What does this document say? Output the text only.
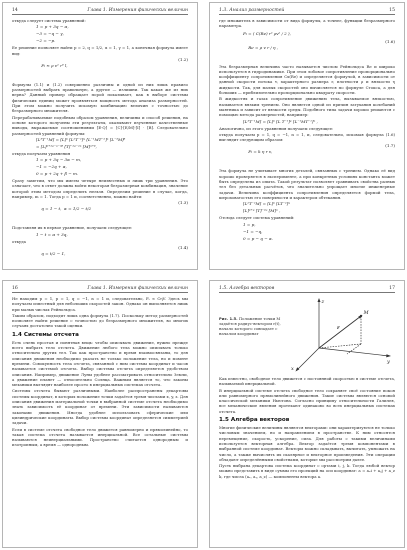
14	Глава 1. Измерения физических величин

откуда следует система уравнений:

1 = p + 3q − α,
−3 = −q − γ,
−2 = −p.

Ее решение позволяет найти p = 2, q = 1/2, α = 1, γ = 1, а конечная формула имеет вид:

Fₜ ≈ ρ v² r⁴ l,

(1.2)

Формулы (1.1) и (1.2) совершенно различны и одной из них лишь правило размерностей выбрать правильную, а другие — излишни. Так какая же из них верна? Данный пример обращает порой показывает, как в выборе системы физических единиц может проявляться мощность метода анализа размерностей. При этом можно получить искомую комбинацию величин с точностью до безразмерного множителя.

Перерабатываемые подобным образом уравнения, величины и способ решения, на основе которого получены эти результаты, оказывают изученные качественные выводы, выражаемые соотношениями [E·Q] = [C]·[E/M]·[I] · [B]. Следовательно размерностей уравнений формулы:

[L³T⁻¹M] = [L]ᵖ [L²T⁻²]ᵠ [L⁻¹MT⁻²]ᵅ [L⁻³M]ᵝ
= [L]ᵖ⁺²ᵠ⁻ᵅ⁻³ᵝ [T]⁻²ᵠ⁻²ᵅ [M]ᵅ⁺ᵝ,

откуда получаем уравнения

1 = p + 3q − 3α − m,
−1 = −2q + α,
0 = p + 2q + β − m.

Сразу заметим, что мы имеем четыре неизвестных и лишь три уравнения. Это означает, что в ответ должна войти некоторая безразмерная комбинация, значение которой этим методом определить нельзя. Определим решение в случае, когда, например, m = 1. Тогда p = 1 и, соответственно, можно найти:

q = 1 − t,  α = 1/2 − t/2

(1.3)

Подставляя их в первое уравнение, получаем следующее:

1 − t = α + 3q,

откуда

q = t/2 − 1,

(1.4)

1.3. Анализ размерностей	15

где множитель в зависимости от вида формулы, а точнее, функции безразмерного параметра.

Fₜ = ( C(Re) r² ρv² / 2 ),

Re = ρ v r / η ,

(1.6)

Эта безразмерная величина часто называется числом Рейнольдса Re и широко используется в гидродинамике. При этом лобовое сопротивление пропорционально коэффициенту сопротивления Cx(Re) и определяется формулой, в зависимости от данной скорости потока v, характерного размера r, плотности ρ и вязкости η жидкости. Так, для малых скоростей оно вычисляется по формуле Стокса, а для больших — приблизительно пропорционально квадрату скорости.

В жидкостях и газах сопротивление движению тела, вызываемое вязкостью, называется вязким трением. Оно является одной из причин затухания колебаний маятника и зависит от вязкости среды. Подобного типа задачи хорошо решаются с помощью метода размерностей, например:

[L³T⁻¹M] = [L]ᵖ [L T⁻¹]ᵠ [L⁻¹MT⁻¹]ᵅ ,

Аналогично, из этого уравнения получаем следующее:

откуда получаем p = 1, q = −1, α = 1, и, следовательно, искомая формула (1.6) выглядит следующим образом:

Fₜ = k η r v,

(1.7)

Эта формула не учитывает многих деталей, связанных с трением. Однако её вид хорошо проверяется в эксперименте, а при конкретных условиях константа может быть определена из опыта. Такой результат позволяет сравнивать свойства разных тел без детальных расчётов, что значительно упрощает многие инженерные задачи. Величина коэффициента сопротивления определяется формой тела, шероховатостью его поверхности и характером обтекания.

[L²T⁻²M] = [L]ᵖ [LT⁻²]ᵠ
[L]ᵖ⁺ᵠ [T]⁻²ᵠ [M]ᵅ ,

Отсюда следует система уравнений:

1 = p,
−1 = −q,
0 = p − q − α.
16	Глава 1. Измерения физических величин

Не находим p = 1, p = 1, q = −1, α = 1 и, следовательно, Fₜ ≈ CηV. Здесь мы получаем известный для небольших скоростей закон. Однако он выполняется лишь при малых числах Рейнольдса.

Таким образом, подходит лишь одна формула (1.7). Поскольку метод размерностей позволяет найти решение с точностью до безразмерного множителя, во многих случаях достаточно такой оценки.

1.4 Системы отсчета

Есть очень простая и понятная вещь: чтобы описывать движение, нужно прежде всего выбрать тело отсчета. Движение любого тела можно описывать только относительно других тел. Так как пространство и время взаимосвязаны, то для описания движения необходимо указать не только положение тела, но и момент времени. Совокупность тела отсчета, связанной с ним системы координат и часов называется системой отсчета. Выбор системы отсчета определяется удобством описания. Например, движение Луны удобнее рассматривать относительно Земли, а движение планет — относительно Солнца. Важным является то, что законы механики выглядят наиболее просто в инерциальных системах отсчета.

Системы отсчета бывают различными. Наиболее распространены декартовы системы координат, в которых положение точки задаётся тремя числами x, y, z. Для описания движения материальной точки в выбранной системе отсчета необходимо знать зависимость её координат от времени. Эти зависимости называются законами движения. Иногда удобнее использовать сферические или цилиндрические координаты. Выбор системы координат определяется симметрией задачи.

Если в системе отсчета свободное тело движется равномерно и прямолинейно, то такая система отсчета называется инерциальной. Все остальные системы называются неинерциальными. Пространство считается однородным и изотропным, а время — однородным.

1.5. Алгебра векторов	17
Рис. 1.5. Положение точки M задаётся радиус-вектором r(t), начало которого совпадает с началом координат
z
y
x
M
r

Как известно, свободное тело движется с постоянной скоростью в системе отсчета, называемой инерциальной.

В инерциальной системе отсчета свободное тело сохраняет своё состояние покоя или равномерного прямолинейного движения. Такие системы являются основой классической механики Ньютона. Согласно принципу относительности Галилея, все механические явления протекают одинаково во всех инерциальных системах отсчета.

1.5 Алгебра векторов

Многие физические величины являются векторами: они характеризуются не только числовым значением, но и направлением в пространстве. К ним относятся перемещение, скорость, ускорение, сила. Для работы с такими величинами используется векторная алгебра. Вектор задаётся тремя компонентами в выбранной системе координат. Векторы можно складывать, вычитать, умножать на число, а также вычислять их скалярное и векторное произведения. Эти операции обладают определёнными свойствами, которые мы рассмотрим далее.

Пусть выбрана декартова система координат с ортами i, j, k. Тогда любой вектор можно представить в виде суммы его проекций на оси координат: a = aₓi + aᵧj + a_z k, где числа (aₓ, aᵧ, a_z) — компоненты вектора a.
